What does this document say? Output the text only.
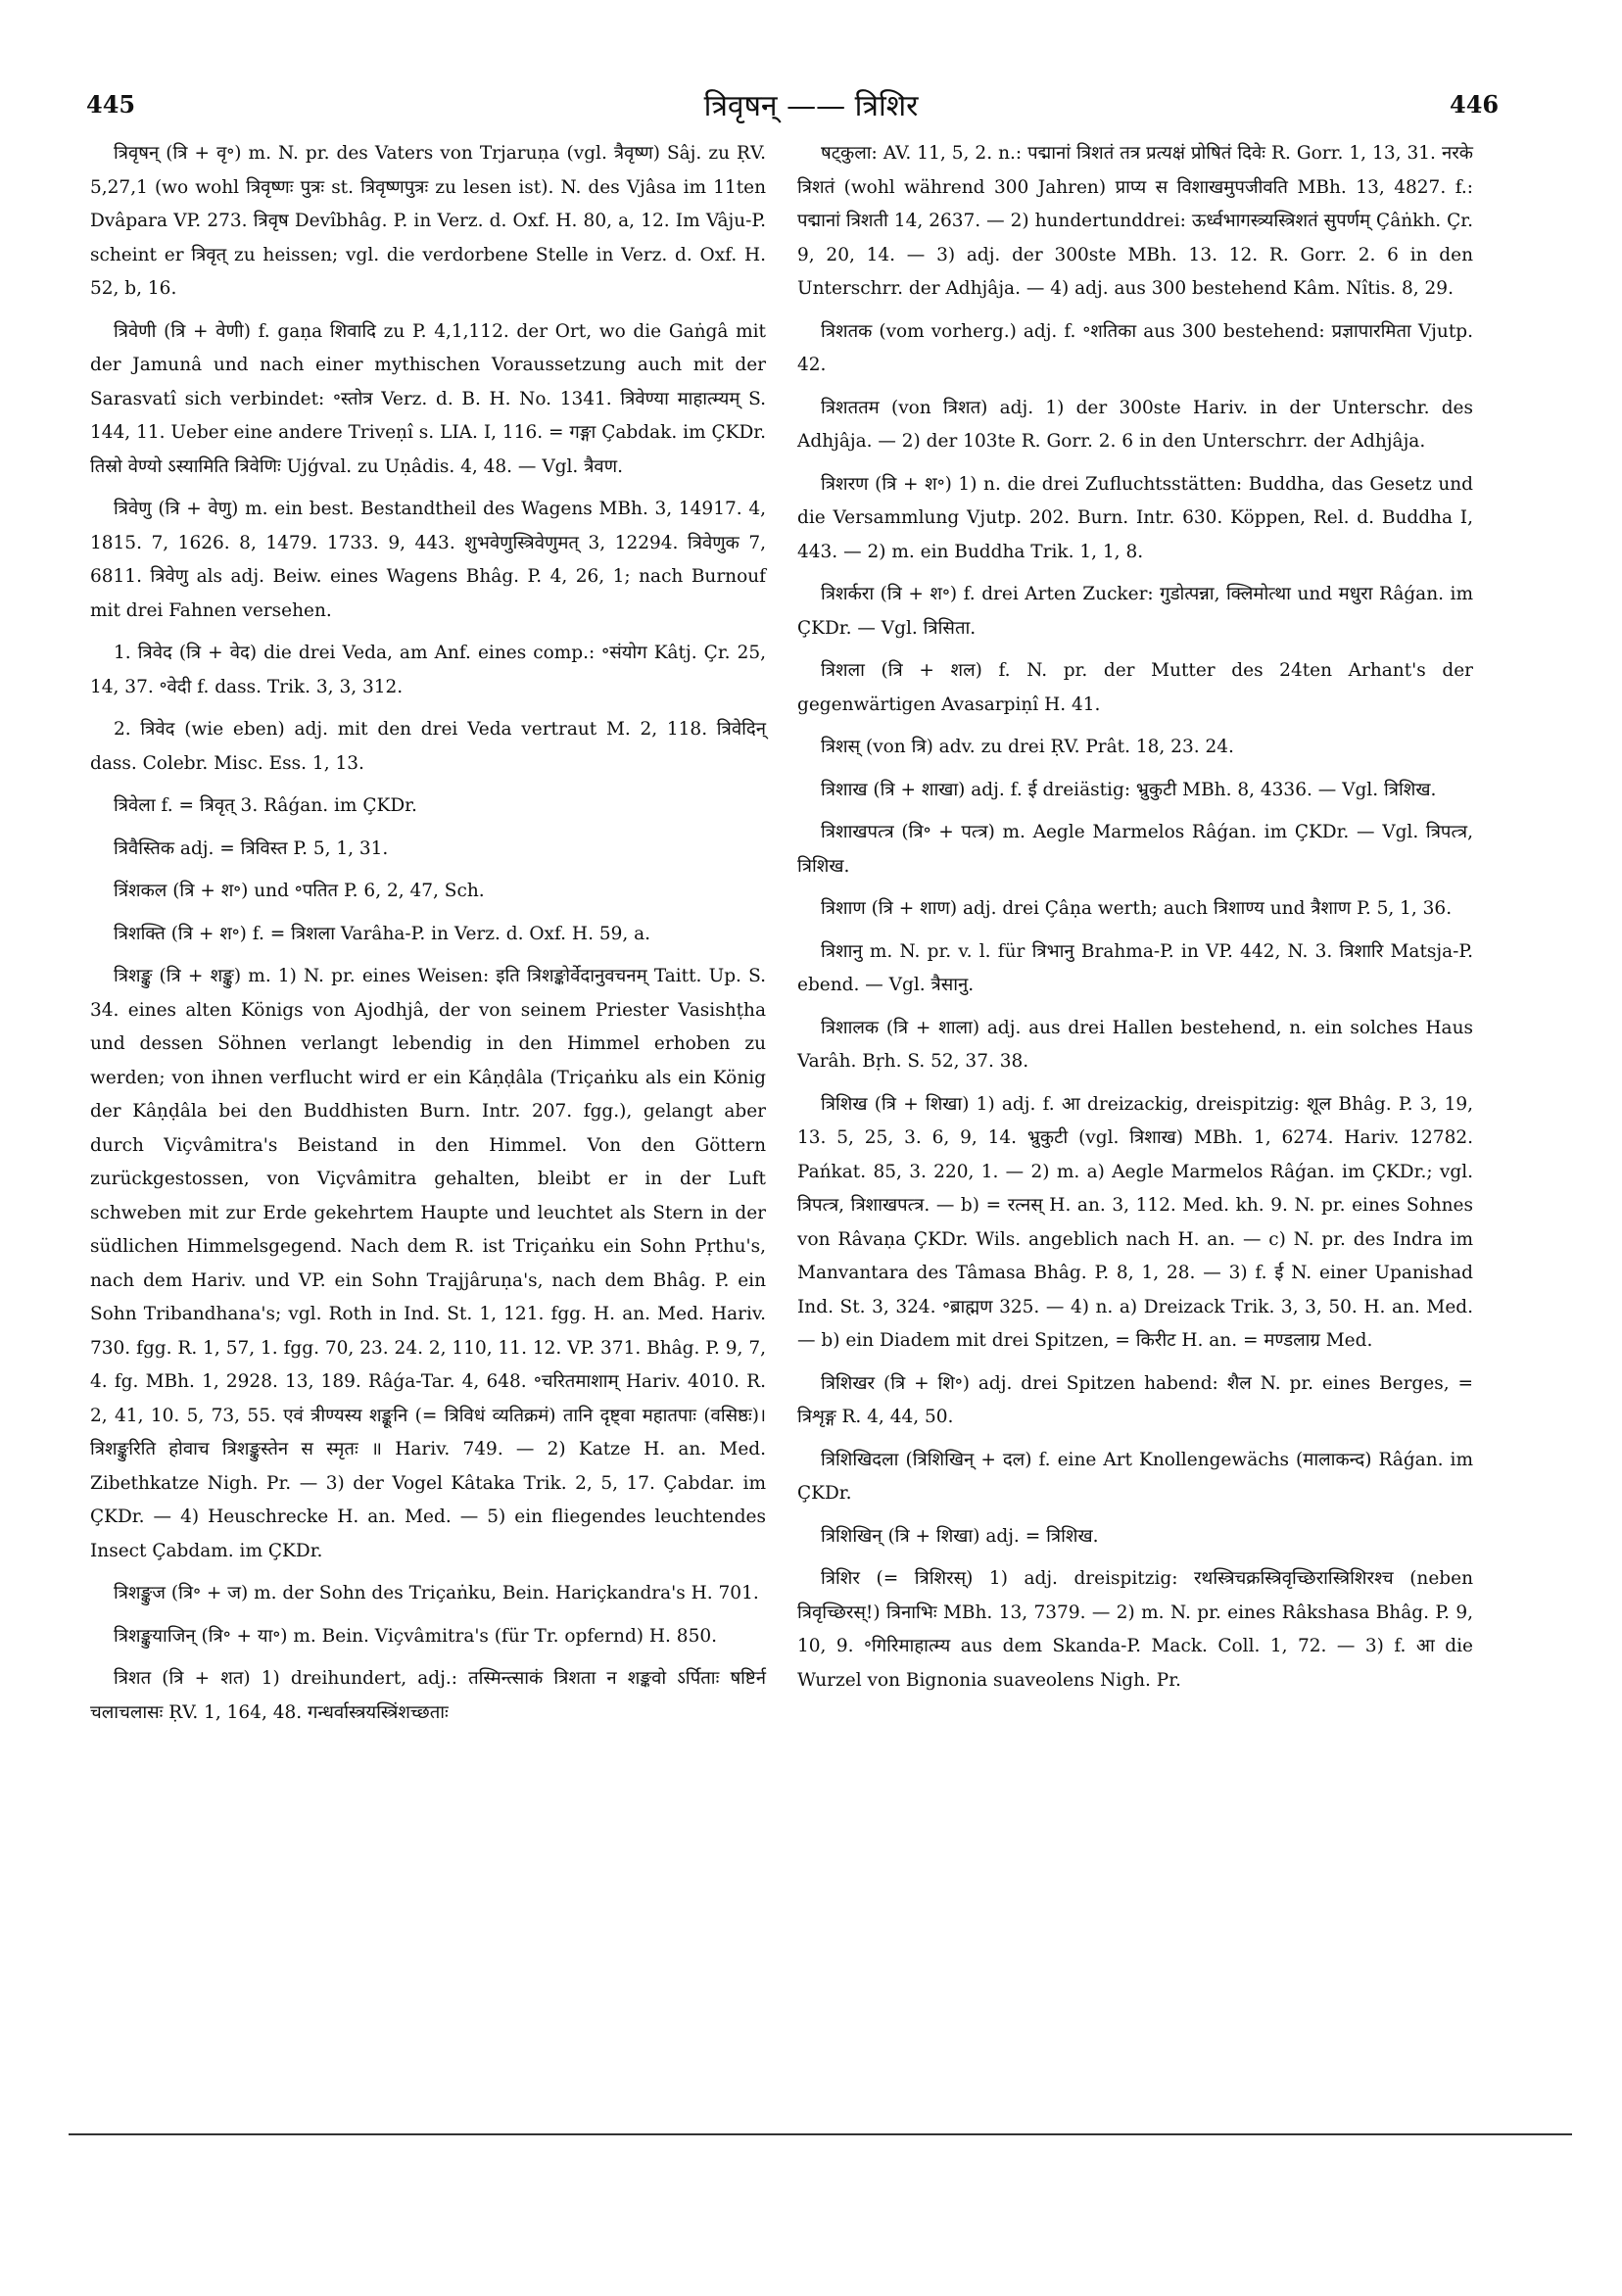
445	त्रिवृषन् —— त्रिशिर	446

त्रिवृषन् (त्रि + वृ॰) m. N. pr. des Vaters von Trjaruṇa (vgl. त्रैवृष्ण) Sâj. zu ṚV. 5,27,1 (wo wohl त्रिवृष्णः पुत्रः st. त्रिवृष्णपुत्रः zu lesen ist). N. des Vjâsa im 11ten Dvâpara VP. 273. त्रिवृष Devîbhâg. P. in Verz. d. Oxf. H. 80, a, 12. Im Vâju-P. scheint er त्रिवृत् zu heissen; vgl. die verdorbene Stelle in Verz. d. Oxf. H. 52, b, 16.

त्रिवेणी (त्रि + वेणी) f. gaṇa शिवादि zu P. 4,1,112. der Ort, wo die Gaṅgâ mit der Jamunâ und nach einer mythischen Voraussetzung auch mit der Sarasvatî sich verbindet: ॰स्तोत्र Verz. d. B. H. No. 1341. त्रिवेण्या माहात्म्यम् S. 144, 11. Ueber eine andere Triveṇî s. LIA. I, 116. = गङ्गा Çabdak. im ÇKDr. तिस्रो वेण्यो ऽस्यामिति त्रिवेणिः Ujǵval. zu Uṇâdis. 4, 48. — Vgl. त्रैवण.

त्रिवेणु (त्रि + वेणु) m. ein best. Bestandtheil des Wagens MBh. 3, 14917. 4, 1815. 7, 1626. 8, 1479. 1733. 9, 443. शुभवेणुस्त्रिवेणुमत् 3, 12294. त्रिवेणुक 7, 6811. त्रिवेणु als adj. Beiw. eines Wagens Bhâg. P. 4, 26, 1; nach Burnouf mit drei Fahnen versehen.

1. त्रिवेद (त्रि + वेद) die drei Veda, am Anf. eines comp.: ॰संयोग Kâtj. Çr. 25, 14, 37. ॰वेदी f. dass. Trik. 3, 3, 312.

2. त्रिवेद (wie eben) adj. mit den drei Veda vertraut M. 2, 118. त्रिवेदिन् dass. Colebr. Misc. Ess. 1, 13.

त्रिवेला f. = त्रिवृत् 3. Râǵan. im ÇKDr.

त्रिवैस्तिक adj. = त्रिविस्त P. 5, 1, 31.

त्रिंशकल (त्रि + श॰) und ॰पतित P. 6, 2, 47, Sch.

त्रिशक्ति (त्रि + श॰) f. = त्रिशला Varâha-P. in Verz. d. Oxf. H. 59, a.

त्रिशङ्कु (त्रि + शङ्कु) m. 1) N. pr. eines Weisen: इति त्रिशङ्कोर्वेदानुवचनम् Taitt. Up. S. 34. eines alten Königs von Ajodhjâ, der von seinem Priester Vasishṭha und dessen Söhnen verlangt lebendig in den Himmel erhoben zu werden; von ihnen verflucht wird er ein Kâṇḍâla (Triçaṅku als ein König der Kâṇḍâla bei den Buddhisten Burn. Intr. 207. fgg.), gelangt aber durch Viçvâmitra's Beistand in den Himmel. Von den Göttern zurückgestossen, von Viçvâmitra gehalten, bleibt er in der Luft schweben mit zur Erde gekehrtem Haupte und leuchtet als Stern in der südlichen Himmelsgegend. Nach dem R. ist Triçaṅku ein Sohn Pṛthu's, nach dem Hariv. und VP. ein Sohn Trajjâruṇa's, nach dem Bhâg. P. ein Sohn Tribandhana's; vgl. Roth in Ind. St. 1, 121. fgg. H. an. Med. Hariv. 730. fgg. R. 1, 57, 1. fgg. 70, 23. 24. 2, 110, 11. 12. VP. 371. Bhâg. P. 9, 7, 4. fg. MBh. 1, 2928. 13, 189. Râǵa-Tar. 4, 648. ॰चरितमाशाम् Hariv. 4010. R. 2, 41, 10. 5, 73, 55. एवं त्रीण्यस्य शङ्कूनि (= त्रिविधं व्यतिक्रमं) तानि दृष्ट्वा महातपाः (वसिष्ठः)। त्रिशङ्कुरिति होवाच त्रिशङ्कुस्तेन स स्मृतः ॥ Hariv. 749. — 2) Katze H. an. Med. Zibethkatze Nigh. Pr. — 3) der Vogel Kâtaka Trik. 2, 5, 17. Çabdar. im ÇKDr. — 4) Heuschrecke H. an. Med. — 5) ein fliegendes leuchtendes Insect Çabdam. im ÇKDr.

त्रिशङ्कुज (त्रि॰ + ज) m. der Sohn des Triçaṅku, Bein. Hariçkandra's H. 701.

त्रिशङ्कुयाजिन् (त्रि॰ + या॰) m. Bein. Viçvâmitra's (für Tr. opfernd) H. 850.

त्रिशत (त्रि + शत) 1) dreihundert, adj.: तस्मिन्त्साकं त्रिशता न शङ्कवो ऽर्पिताः षष्टिर्न चलाचलासः ṚV. 1, 164, 48. गन्धर्वास्त्रयस्त्रिंशच्छताः

षट्कुला: AV. 11, 5, 2. n.: पद्मानां त्रिशतं तत्र प्रत्यक्षं प्रोषितं दिवेः R. Gorr. 1, 13, 31. नरके त्रिशतं (wohl während 300 Jahren) प्राप्य स विशाखमुपजीवति MBh. 13, 4827. f.: पद्मानां त्रिशती 14, 2637. — 2) hundertunddrei: ऊर्ध्वभागस्त्र्यस्त्रिशतं सुपर्णम् Çâṅkh. Çr. 9, 20, 14. — 3) adj. der 300ste MBh. 13. 12. R. Gorr. 2. 6 in den Unterschrr. der Adhjâja. — 4) adj. aus 300 bestehend Kâm. Nîtis. 8, 29.

त्रिशतक (vom vorherg.) adj. f. ॰शतिका aus 300 bestehend: प्रज्ञापारमिता Vjutp. 42.

त्रिशततम (von त्रिशत) adj. 1) der 300ste Hariv. in der Unterschr. des Adhjâja. — 2) der 103te R. Gorr. 2. 6 in den Unterschrr. der Adhjâja.

त्रिशरण (त्रि + श॰) 1) n. die drei Zufluchtsstätten: Buddha, das Gesetz und die Versammlung Vjutp. 202. Burn. Intr. 630. Köppen, Rel. d. Buddha I, 443. — 2) m. ein Buddha Trik. 1, 1, 8.

त्रिशर्करा (त्रि + श॰) f. drei Arten Zucker: गुडोत्पन्ना, क्लिमोत्था und मधुरा Râǵan. im ÇKDr. — Vgl. त्रिसिता.

त्रिशला (त्रि + शल) f. N. pr. der Mutter des 24ten Arhant's der gegenwärtigen Avasarpiṇî H. 41.

त्रिशस् (von त्रि) adv. zu drei ṚV. Prât. 18, 23. 24.

त्रिशाख (त्रि + शाखा) adj. f. ई dreiästig: भ्रुकुटी MBh. 8, 4336. — Vgl. त्रिशिख.

त्रिशाखपत्त्र (त्रि॰ + पत्त्र) m. Aegle Marmelos Râǵan. im ÇKDr. — Vgl. त्रिपत्त्र, त्रिशिख.

त्रिशाण (त्रि + शाण) adj. drei Çâṇa werth; auch त्रिशाण्य und त्रैशाण P. 5, 1, 36.

त्रिशानु m. N. pr. v. l. für त्रिभानु Brahma-P. in VP. 442, N. 3. त्रिशारि Matsja-P. ebend. — Vgl. त्रैसानु.

त्रिशालक (त्रि + शाला) adj. aus drei Hallen bestehend, n. ein solches Haus Varâh. Bṛh. S. 52, 37. 38.

त्रिशिख (त्रि + शिखा) 1) adj. f. आ dreizackig, dreispitzig: शूल Bhâg. P. 3, 19, 13. 5, 25, 3. 6, 9, 14. भ्रुकुटी (vgl. त्रिशाख) MBh. 1, 6274. Hariv. 12782. Pańkat. 85, 3. 220, 1. — 2) m. a) Aegle Marmelos Râǵan. im ÇKDr.; vgl. त्रिपत्त्र, त्रिशाखपत्त्र. — b) = रत्नस् H. an. 3, 112. Med. kh. 9. N. pr. eines Sohnes von Râvaṇa ÇKDr. Wils. angeblich nach H. an. — c) N. pr. des Indra im Manvantara des Tâmasa Bhâg. P. 8, 1, 28. — 3) f. ई N. einer Upanishad Ind. St. 3, 324. ॰ब्राह्मण 325. — 4) n. a) Dreizack Trik. 3, 3, 50. H. an. Med. — b) ein Diadem mit drei Spitzen, = किरीट H. an. = मण्डलाग्र Med.

त्रिशिखर (त्रि + शि॰) adj. drei Spitzen habend: शैल N. pr. eines Berges, = त्रिशृङ्ग R. 4, 44, 50.

त्रिशिखिदला (त्रिशिखिन् + दल) f. eine Art Knollengewächs (मालाकन्द) Râǵan. im ÇKDr.

त्रिशिखिन् (त्रि + शिखा) adj. = त्रिशिख.

त्रिशिर (= त्रिशिरस्) 1) adj. dreispitzig: रथस्त्रिचक्रस्त्रिवृच्छिरास्त्रिशिरश्च (neben त्रिवृच्छिरस्!) त्रिनाभिः MBh. 13, 7379. — 2) m. N. pr. eines Râkshasa Bhâg. P. 9, 10, 9. ॰गिरिमाहात्म्य aus dem Skanda-P. Mack. Coll. 1, 72. — 3) f. आ die Wurzel von Bignonia suaveolens Nigh. Pr.
